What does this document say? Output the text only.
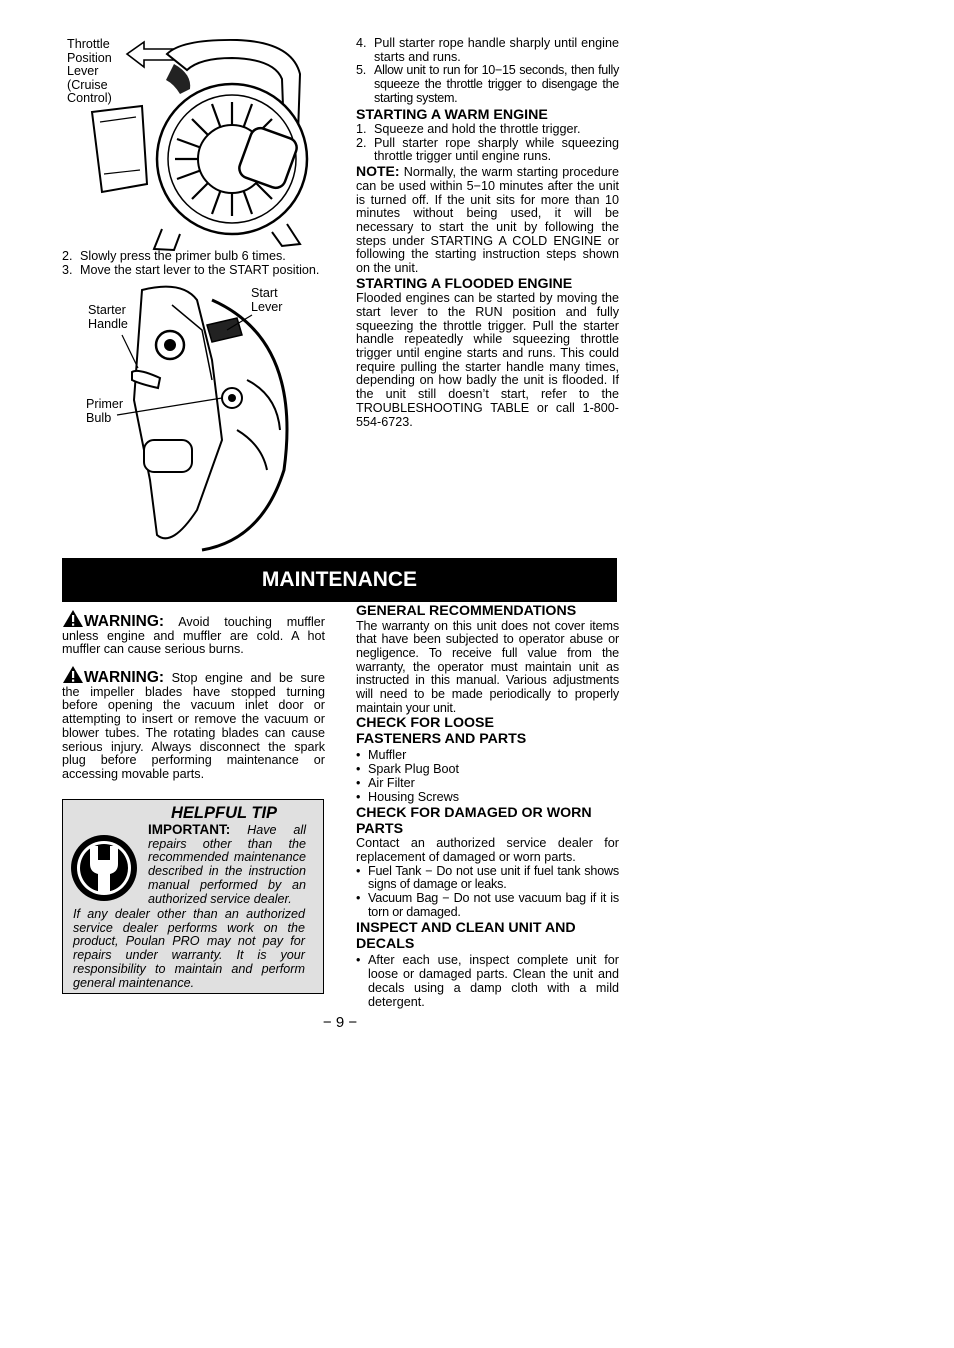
Throttle
Position
Lever
(Cruise
Control)
2. Slowly press the primer bulb 6 times.
3. Move the start lever to the START position.
Start
Lever
Starter
Handle
Primer
Bulb
4. Pull starter rope handle sharply until engine starts and runs.
5. Allow unit to run for 10−15 seconds, then fully squeeze the throttle trigger to disengage the starting system.
STARTING A WARM ENGINE
1. Squeeze and hold the throttle trigger.
2. Pull starter rope sharply while squeezing throttle trigger until engine runs.
NOTE: Normally, the warm starting procedure can be used within 5−10 minutes after the unit is turned off. If the unit sits for more than 10 minutes without being used, it will be necessary to start the unit by following the steps under STARTING A COLD ENGINE or following the starting instruction steps shown on the unit.
STARTING A FLOODED ENGINE
Flooded engines can be started by moving the start lever to the RUN position and fully squeezing the throttle trigger. Pull the starter handle repeatedly while squeezing throttle trigger until engine starts and runs. This could require pulling the starter handle many times, depending on how badly the unit is flooded. If the unit still doesn’t start, refer to the TROUBLESHOOTING TABLE or call 1-800-554-6723.
MAINTENANCE
WARNING: Avoid touching muffler unless engine and muffler are cold. A hot muffler can cause serious burns.
WARNING: Stop engine and be sure the impeller blades have stopped turning before opening the vacuum inlet door or attempting to insert or remove the vacuum or blower tubes. The rotating blades can cause serious injury. Always disconnect the spark plug before performing maintenance or accessing movable parts.
HELPFUL TIP
IMPORTANT: Have all repairs other than the recommended maintenance described in the instruction manual performed by an authorized service dealer.
If any dealer other than an authorized service dealer performs work on the product, Poulan PRO may not pay for repairs under warranty. It is your responsibility to maintain and perform general maintenance.
GENERAL RECOMMENDATIONS
The warranty on this unit does not cover items that have been subjected to operator abuse or negligence. To receive full value from the warranty, the operator must maintain unit as instructed in this manual. Various adjustments will need to be made periodically to properly maintain your unit.
CHECK FOR LOOSE
FASTENERS AND PARTS
• Muffler
• Spark Plug Boot
• Air Filter
• Housing Screws
CHECK FOR DAMAGED OR WORN
PARTS
Contact an authorized service dealer for replacement of damaged or worn parts.
• Fuel Tank − Do not use unit if fuel tank shows signs of damage or leaks.
• Vacuum Bag − Do not use vacuum bag if it is torn or damaged.
INSPECT AND CLEAN UNIT AND
DECALS
• After each use, inspect complete unit for loose or damaged parts. Clean the unit and decals using a damp cloth with a mild detergent.
− 9 −
